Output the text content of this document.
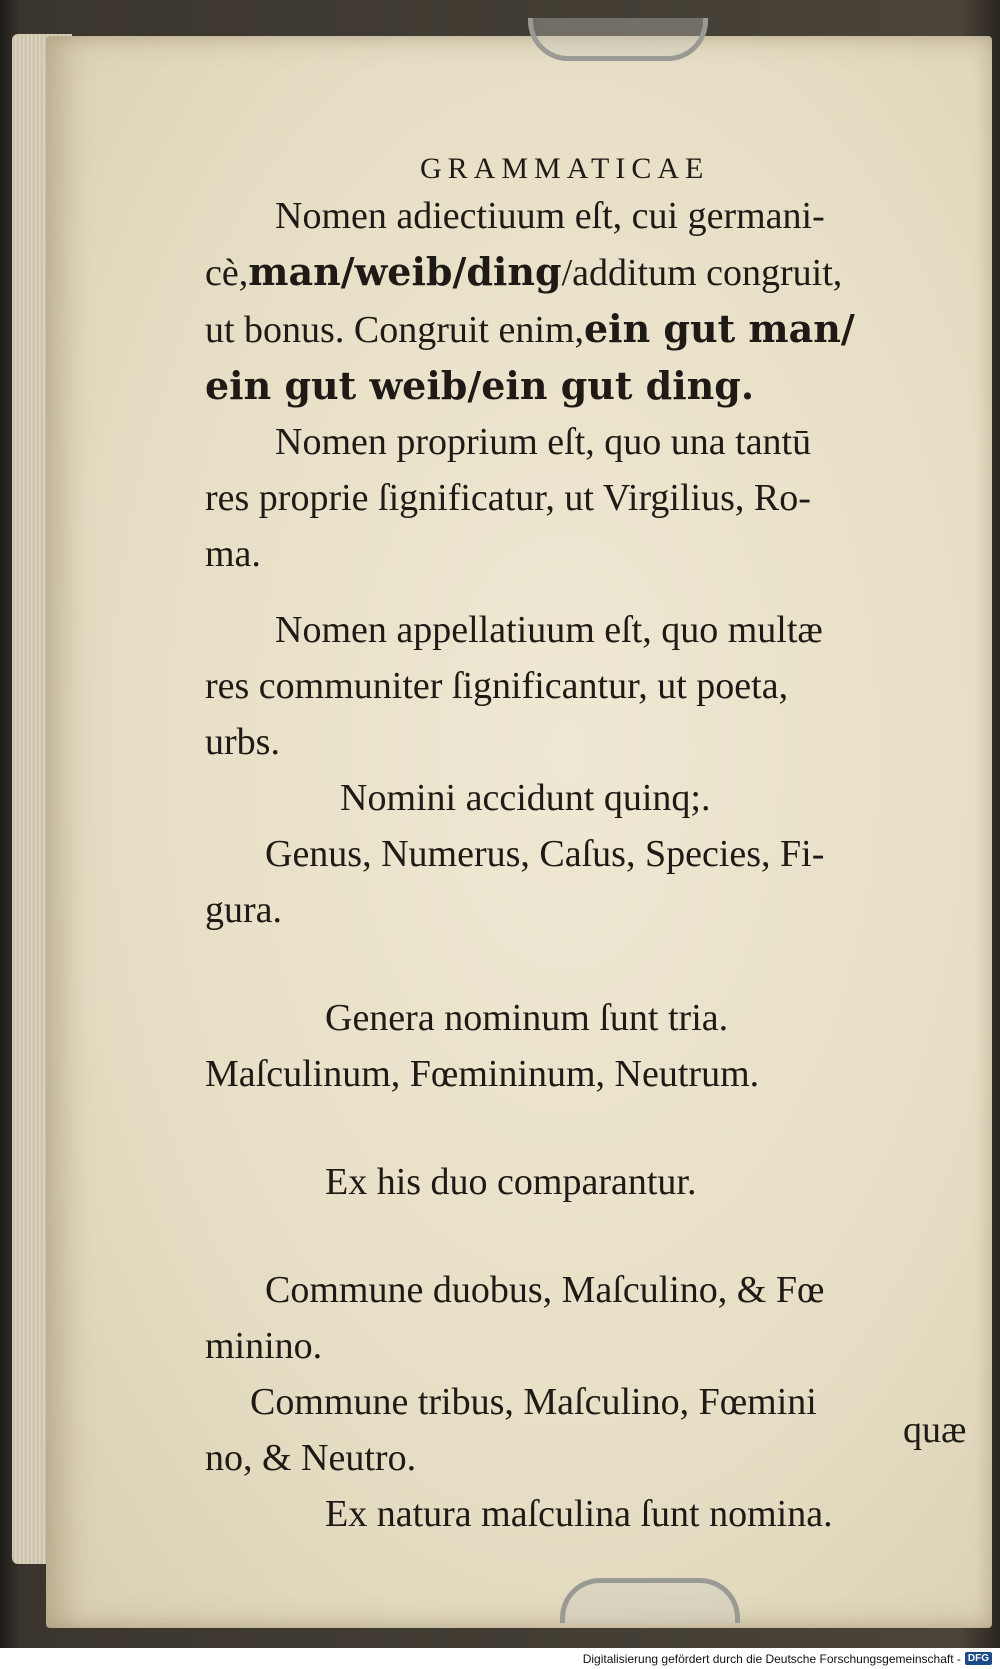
GRAMMATICAE
Nomen adiectiuum eſt, cui germani‐
cè,man/weib/ding/additum congruit,
ut bonus. Congruit enim,ein gut man/
ein gut weib/ein gut ding.
Nomen proprium eſt, quo una tantū
res proprie ſignificatur, ut Virgilius, Ro‐
ma.
Nomen appellatiuum eſt, quo multæ
res communiter ſignificantur, ut poeta,
urbs.
Nomini accidunt quinq;.
Genus, Numerus, Caſus, Species, Fi‐
gura.
Genera nominum ſunt tria.
Maſculinum, Fœmininum, Neutrum.
Ex his duo comparantur.
Commune duobus, Maſculino, & Fœ
minino.
Commune tribus, Maſculino, Fœmini
no, & Neutro.
Ex natura maſculina ſunt nomina.
quæ
Digitalisierung gefördert durch die Deutsche Forschungsgemeinschaft - DFG
